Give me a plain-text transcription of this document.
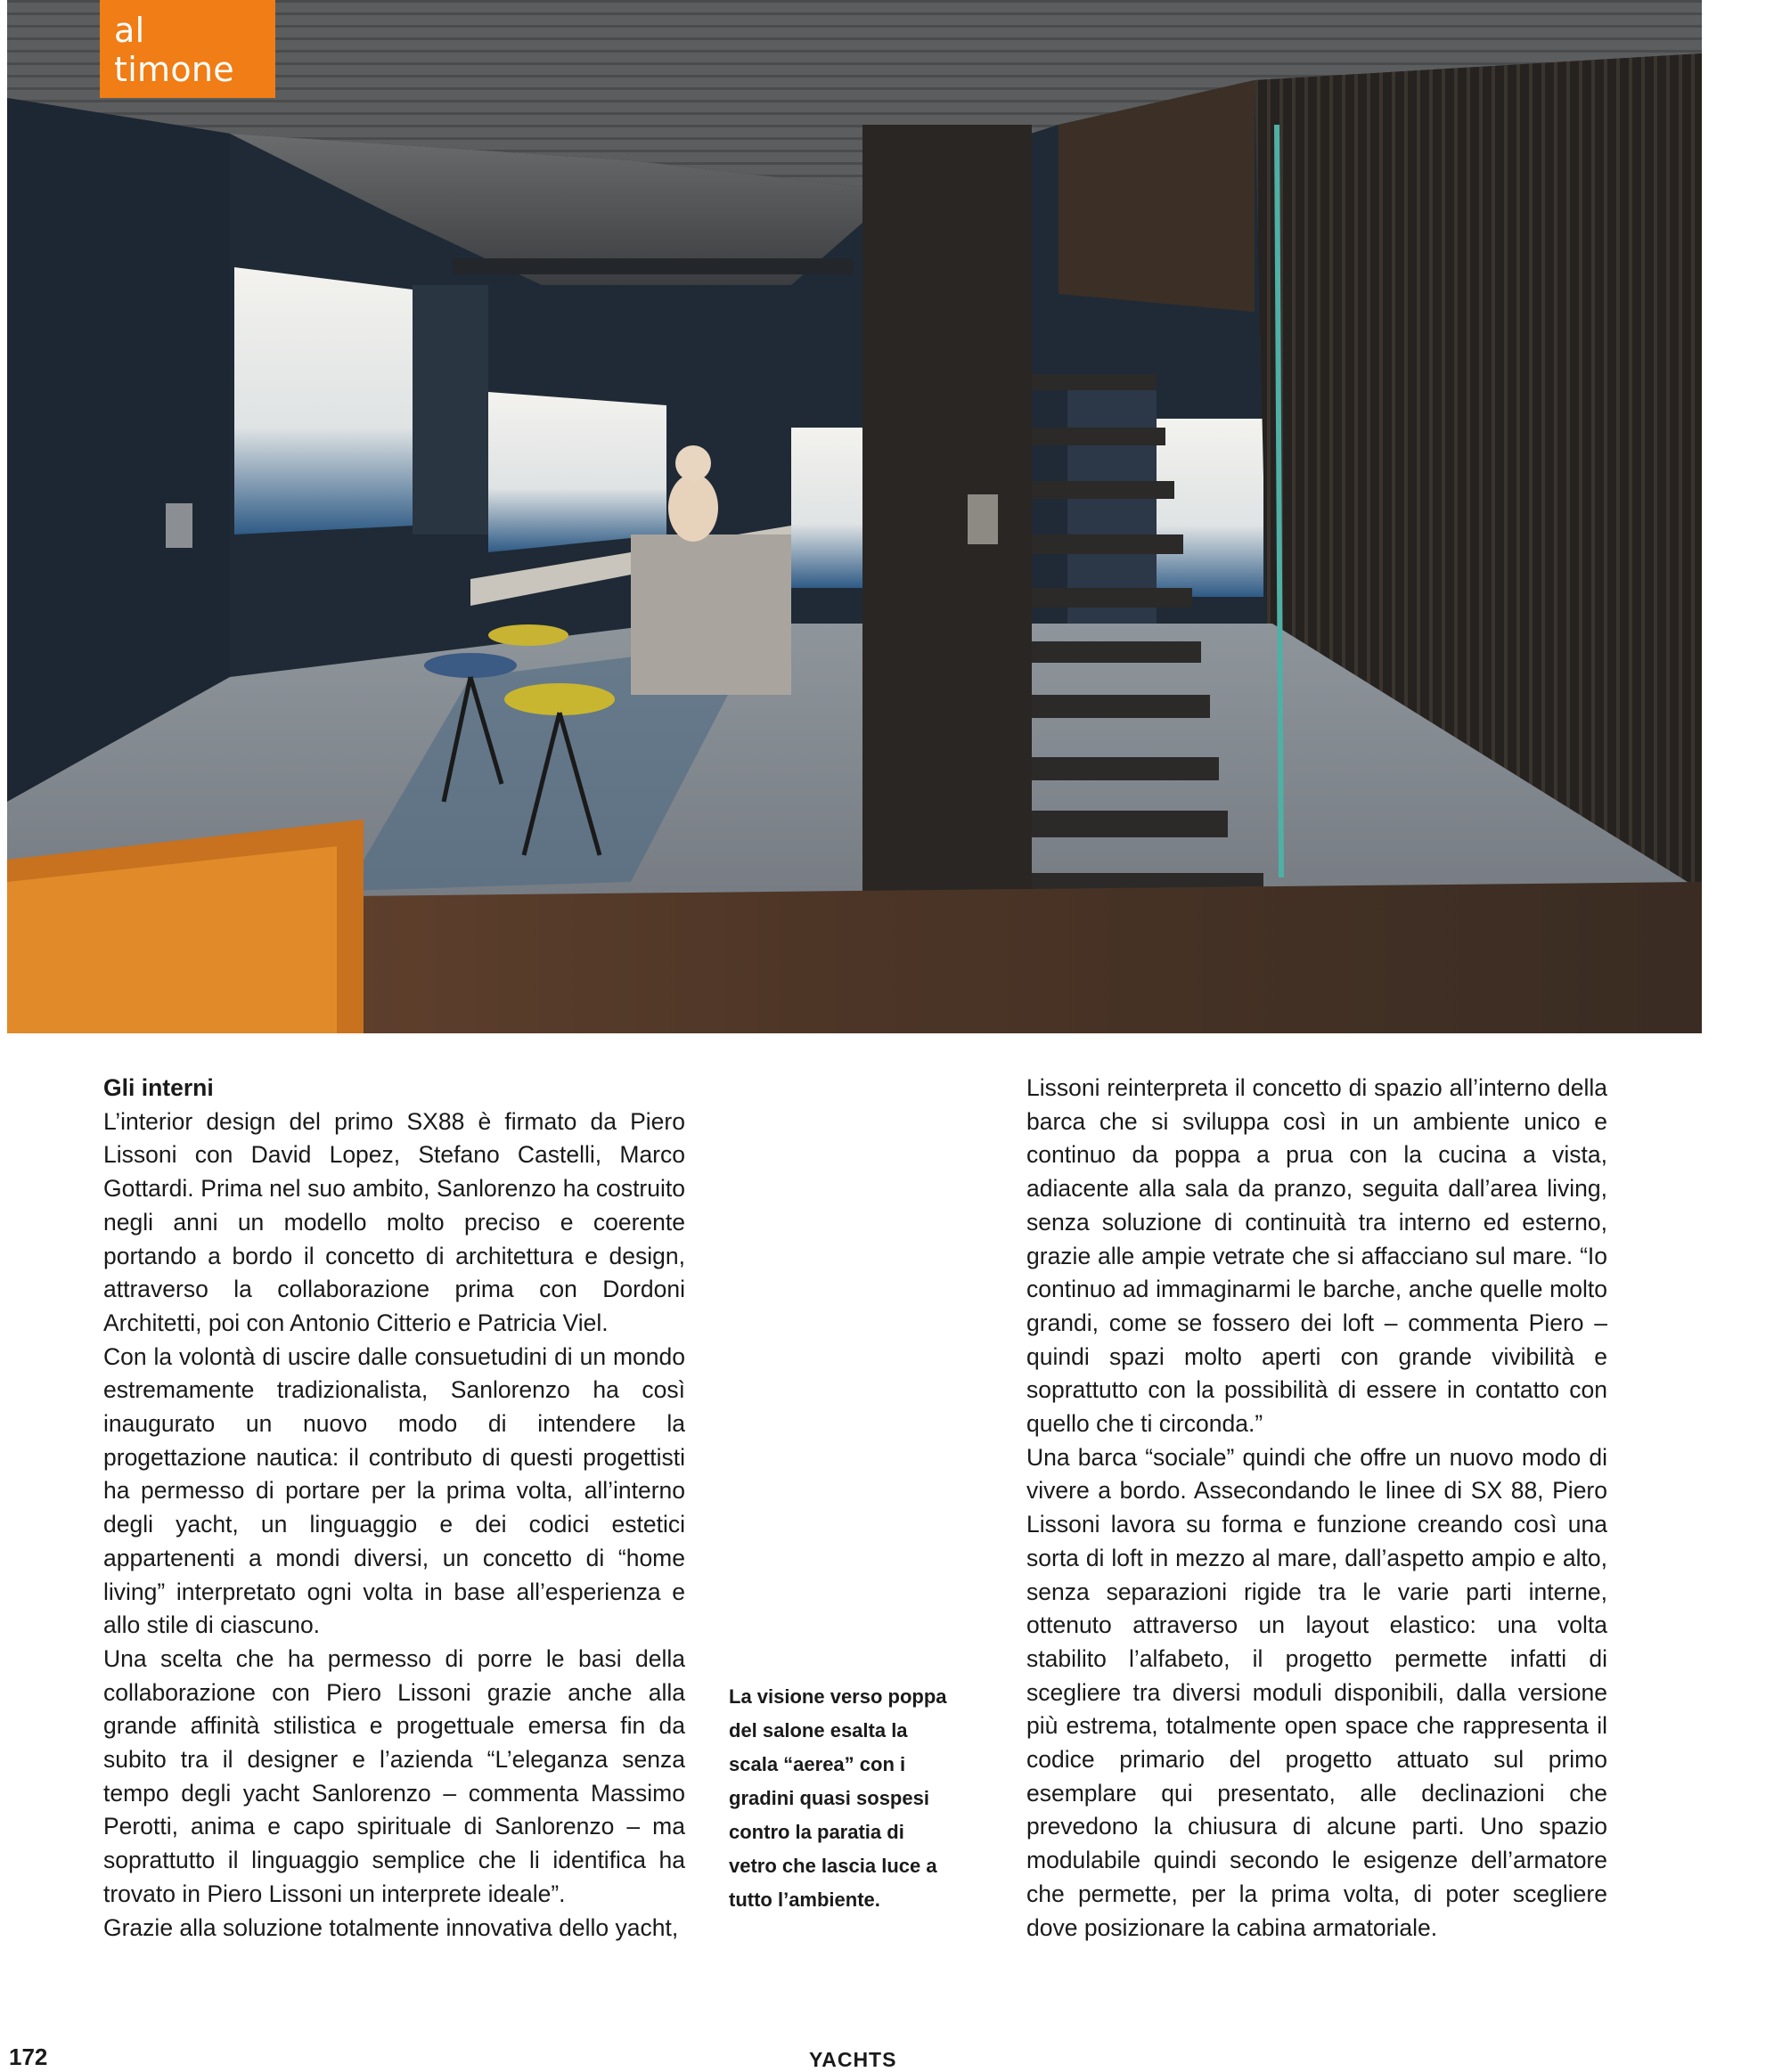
al timone
Gli interni

L’interior design del primo SX88 è firmato da Piero Lissoni con David Lopez, Stefano Castelli, Marco Gottardi. Prima nel suo ambito, Sanlorenzo ha costruito negli anni un modello molto preciso e coerente portando a bordo il concetto di architettura e design, attraverso la collaborazione prima con Dordoni Architetti, poi con Antonio Citterio e Patricia Viel.

Con la volontà di uscire dalle consuetudini di un mondo estremamente tradizionalista, Sanlorenzo ha così inaugurato un nuovo modo di intendere la progettazione nautica: il contributo di questi progettisti ha permesso di portare per la prima volta, all’interno degli yacht, un linguaggio e dei codici estetici appartenenti a mondi diversi, un concetto di “home living” interpretato ogni volta in base all’esperienza e allo stile di ciascuno.

Una scelta che ha permesso di porre le basi della collaborazione con Piero Lissoni grazie anche alla grande affinità stilistica e progettuale emersa fin da subito tra il designer e l’azienda “L’eleganza senza tempo degli yacht Sanlorenzo – commenta Massimo Perotti, anima e capo spirituale di Sanlorenzo – ma soprattutto il linguaggio semplice che li identifica ha trovato in Piero Lissoni un interprete ideale”.

Grazie alla soluzione totalmente innovativa dello yacht,

La visione verso poppa

del salone esalta la

scala “aerea” con i

gradini quasi sospesi

contro la paratia di

vetro che lascia luce a

tutto l’ambiente.

Lissoni reinterpreta il concetto di spazio all’interno della barca che si sviluppa così in un ambiente unico e continuo da poppa a prua con la cucina a vista, adiacente alla sala da pranzo, seguita dall’area living, senza soluzione di continuità tra interno ed esterno, grazie alle ampie vetrate che si affacciano sul mare. “Io continuo ad immaginarmi le barche, anche quelle molto grandi, come se fossero dei loft – commenta Piero – quindi spazi molto aperti con grande vivibilità e soprattutto con la possibilità di essere in contatto con quello che ti circonda.”

Una barca “sociale” quindi che offre un nuovo modo di vivere a bordo. Assecondando le linee di SX 88, Piero Lissoni lavora su forma e funzione creando così una sorta di loft in mezzo al mare, dall’aspetto ampio e alto, senza separazioni rigide tra le varie parti interne, ottenuto attraverso un layout elastico: una volta stabilito l’alfabeto, il progetto permette infatti di scegliere tra diversi moduli disponibili, dalla versione più estrema, totalmente open space che rappresenta il codice primario del progetto attuato sul primo esemplare qui presentato, alle declinazioni che prevedono la chiusura di alcune parti. Uno spazio modulabile quindi secondo le esigenze dell’armatore che permette, per la prima volta, di poter scegliere dove posizionare la cabina armatoriale.

172	YACHTS
